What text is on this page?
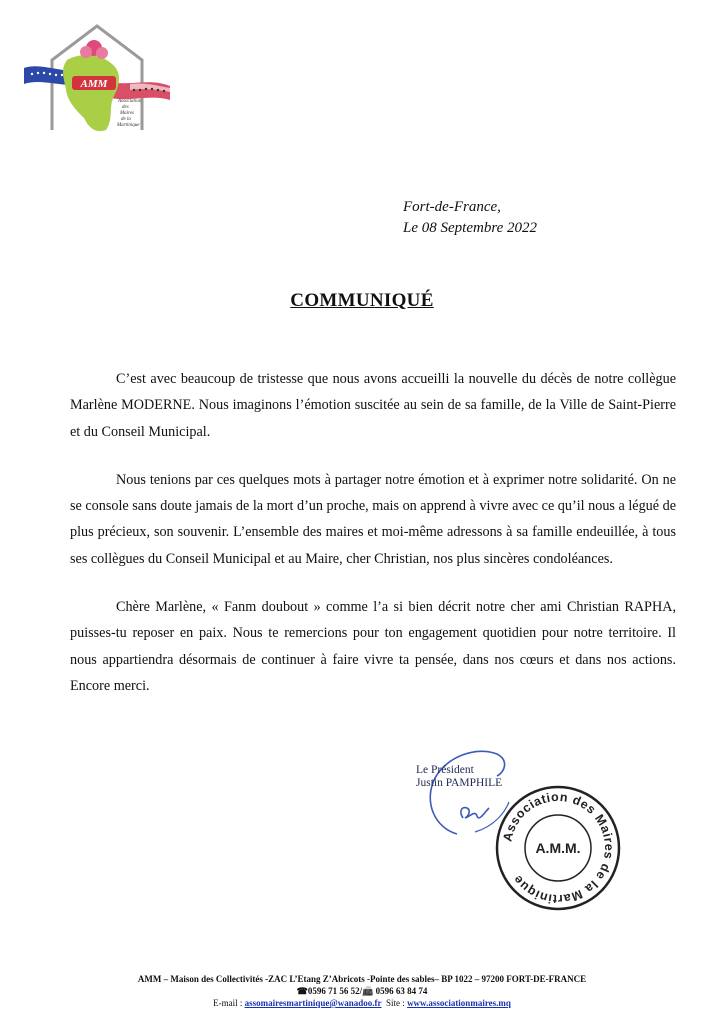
AMM
Association
des
Maires
de la
Martinique
Fort-de-France,
Le 08 Septembre 2022
COMMUNIQUÉ

C’est avec beaucoup de tristesse que nous avons accueilli la nouvelle du décès de notre collègue Marlène MODERNE. Nous imaginons l’émotion suscitée au sein de sa famille, de la Ville de Saint-Pierre et du Conseil Municipal.

Nous tenions par ces quelques mots à partager notre émotion et à exprimer notre solidarité. On ne se console sans doute jamais de la mort d’un proche, mais on apprend à vivre avec ce qu’il nous a légué de plus précieux, son souvenir. L’ensemble des maires et moi-même adressons à sa famille endeuillée, à tous ses collègues du Conseil Municipal et au Maire, cher Christian, nos plus sincères condoléances.

Chère Marlène, « Fanm doubout » comme l’a si bien décrit notre cher ami Christian RAPHA, puisses-tu reposer en paix. Nous te remercions pour ton engagement quotidien pour notre territoire. Il nous appartiendra désormais de continuer à faire vivre ta pensée, dans nos cœurs et dans nos actions. Encore merci.

Le Président
Justin PAMPHILE
Association des Maires de la Martinique
A.M.M.
AMM – Maison des Collectivités -ZAC L’Etang Z’Abricots -Pointe des sables– BP 1022 – 97200 FORT-DE-FRANCE
☎0596 71 56 52/📠 0596 63 84 74
E-mail : assomairesmartinique@wanadoo.fr Site : www.associationmaires.mq
